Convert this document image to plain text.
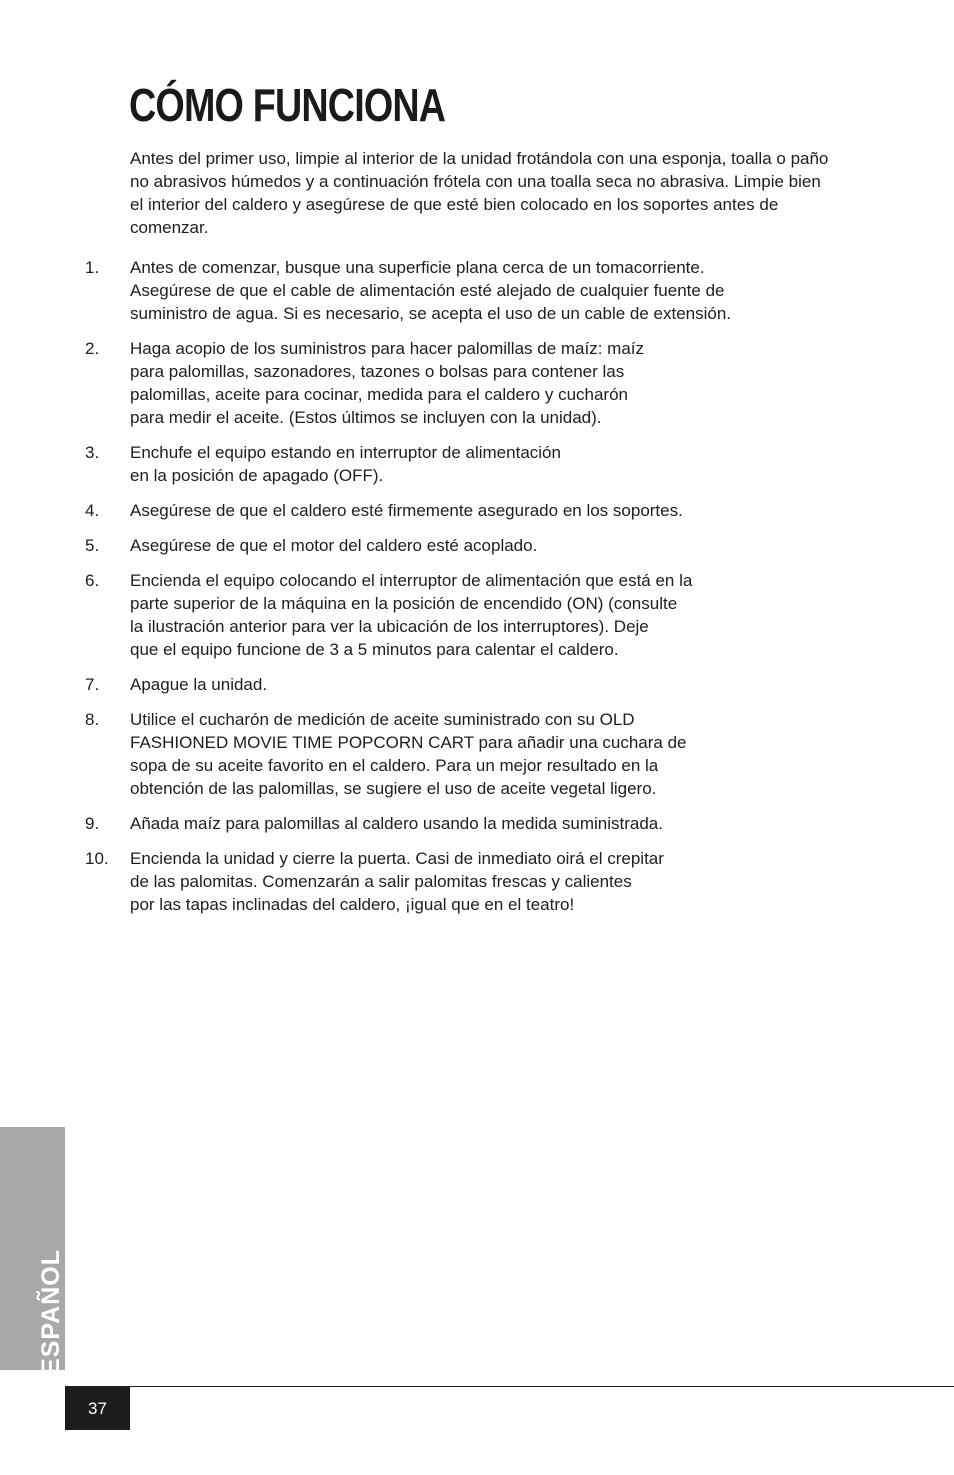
CÓMO FUNCIONA

Antes del primer uso, limpie al interior de la unidad frotándola con una esponja, toalla o paño no abrasivos húmedos y a continuación frótela con una toalla seca no abrasiva. Limpie bien el interior del caldero y asegúrese de que esté bien colocado en los soportes antes de comenzar.

1. Antes de comenzar, busque una superficie plana cerca de un tomacorriente.
Asegúrese de que el cable de alimentación esté alejado de cualquier fuente de
suministro de agua. Si es necesario, se acepta el uso de un cable de extensión.
2. Haga acopio de los suministros para hacer palomillas de maíz: maíz
para palomillas, sazonadores, tazones o bolsas para contener las
palomillas, aceite para cocinar, medida para el caldero y cucharón
para medir el aceite. (Estos últimos se incluyen con la unidad).
3. Enchufe el equipo estando en interruptor de alimentación
en la posición de apagado (OFF).
4. Asegúrese de que el caldero esté firmemente asegurado en los soportes.
5. Asegúrese de que el motor del caldero esté acoplado.
6. Encienda el equipo colocando el interruptor de alimentación que está en la
parte superior de la máquina en la posición de encendido (ON) (consulte
la ilustración anterior para ver la ubicación de los interruptores). Deje
que el equipo funcione de 3 a 5 minutos para calentar el caldero.
7. Apague la unidad.
8. Utilice el cucharón de medición de aceite suministrado con su OLD
FASHIONED MOVIE TIME POPCORN CART para añadir una cuchara de
sopa de su aceite favorito en el caldero. Para un mejor resultado en la
obtención de las palomillas, se sugiere el uso de aceite vegetal ligero.
9. Añada maíz para palomillas al caldero usando la medida suministrada.
10. Encienda la unidad y cierre la puerta. Casi de inmediato oirá el crepitar
de las palomitas. Comenzarán a salir palomitas frescas y calientes
por las tapas inclinadas del caldero, ¡igual que en el teatro!
ESPAÑOL
37
